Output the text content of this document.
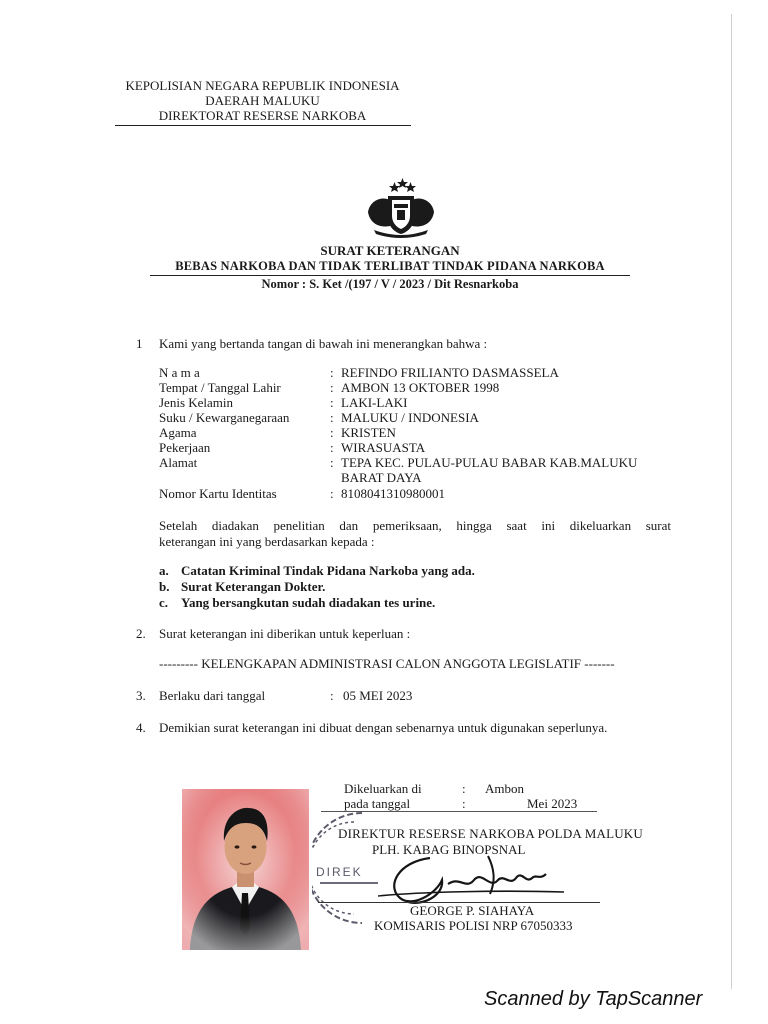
KEPOLISIAN NEGARA REPUBLIK INDONESIA
DAERAH MALUKU
DIREKTORAT RESERSE NARKOBA
SURAT KETERANGAN
BEBAS NARKOBA DAN TIDAK TERLIBAT TINDAK PIDANA NARKOBA
Nomor : S. Ket /(197 / V / 2023 / Dit Resnarkoba
1 Kami yang bertanda tangan di bawah ini menerangkan bahwa :
N a m a	: REFINDO FRILIANTO DASMASSELA
Tempat / Tanggal Lahir	: AMBON 13 OKTOBER 1998
Jenis Kelamin	: LAKI-LAKI
Suku / Kewarganegaraan	: MALUKU / INDONESIA
Agama	: KRISTEN
Pekerjaan	: WIRASUASTA
Alamat	: TEPA KEC. PULAU-PULAU BABAR KAB.MALUKU
BARAT DAYA
Nomor Kartu Identitas	: 8108041310980001
Setelah diadakan penelitian dan pemeriksaan, hingga saat ini dikeluarkan surat
keterangan ini yang berdasarkan kepada :
a. Catatan Kriminal Tindak Pidana Narkoba yang ada.
b. Surat Keterangan Dokter.
c. Yang bersangkutan sudah diadakan tes urine.
2. Surat keterangan ini diberikan untuk keperluan :
--------- KELENGKAPAN ADMINISTRASI CALON ANGGOTA LEGISLATIF -------
3. Berlaku dari tanggal	: 05 MEI 2023
4. Demikian surat keterangan ini dibuat dengan sebenarnya untuk digunakan seperlunya.
Dikeluarkan di	: Ambon
pada tanggal	:	Mei 2023
DIREK
DIREKTUR RESERSE NARKOBA POLDA MALUKU
PLH. KABAG BINOPSNAL
GEORGE P. SIAHAYA
KOMISARIS POLISI NRP 67050333
Scanned by TapScanner
